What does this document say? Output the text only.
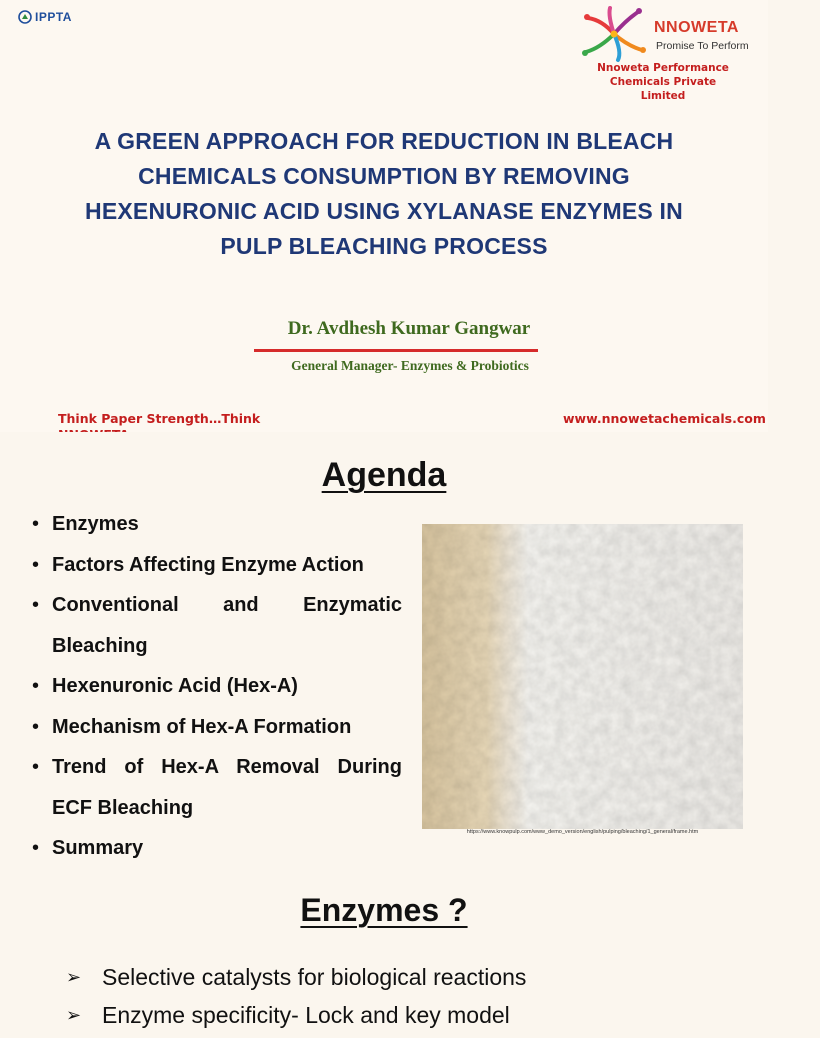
IPPTA
NNOWETA
Promise To Perform
Nnoweta Performance
Chemicals Private Limited
A GREEN APPROACH FOR REDUCTION IN BLEACH
CHEMICALS CONSUMPTION BY REMOVING
HEXENURONIC ACID USING XYLANASE ENZYMES IN
PULP BLEACHING PROCESS
Dr. Avdhesh Kumar Gangwar
General Manager- Enzymes & Probiotics
Think Paper Strength…Think	www.nnowetachemicals.com
Agenda
• Enzymes
• Factors Affecting Enzyme Action
• Conventional and Enzymatic
Bleaching
• Hexenuronic Acid (Hex-A)
• Mechanism of Hex-A Formation
• Trend of Hex-A Removal During
ECF Bleaching
• Summary
https://www.knowpulp.com/www_demo_version/english/pulping/bleaching/1_general/frame.htm
Enzymes ?
➢ Selective catalysts for biological reactions
➢ Enzyme specificity- Lock and key model
